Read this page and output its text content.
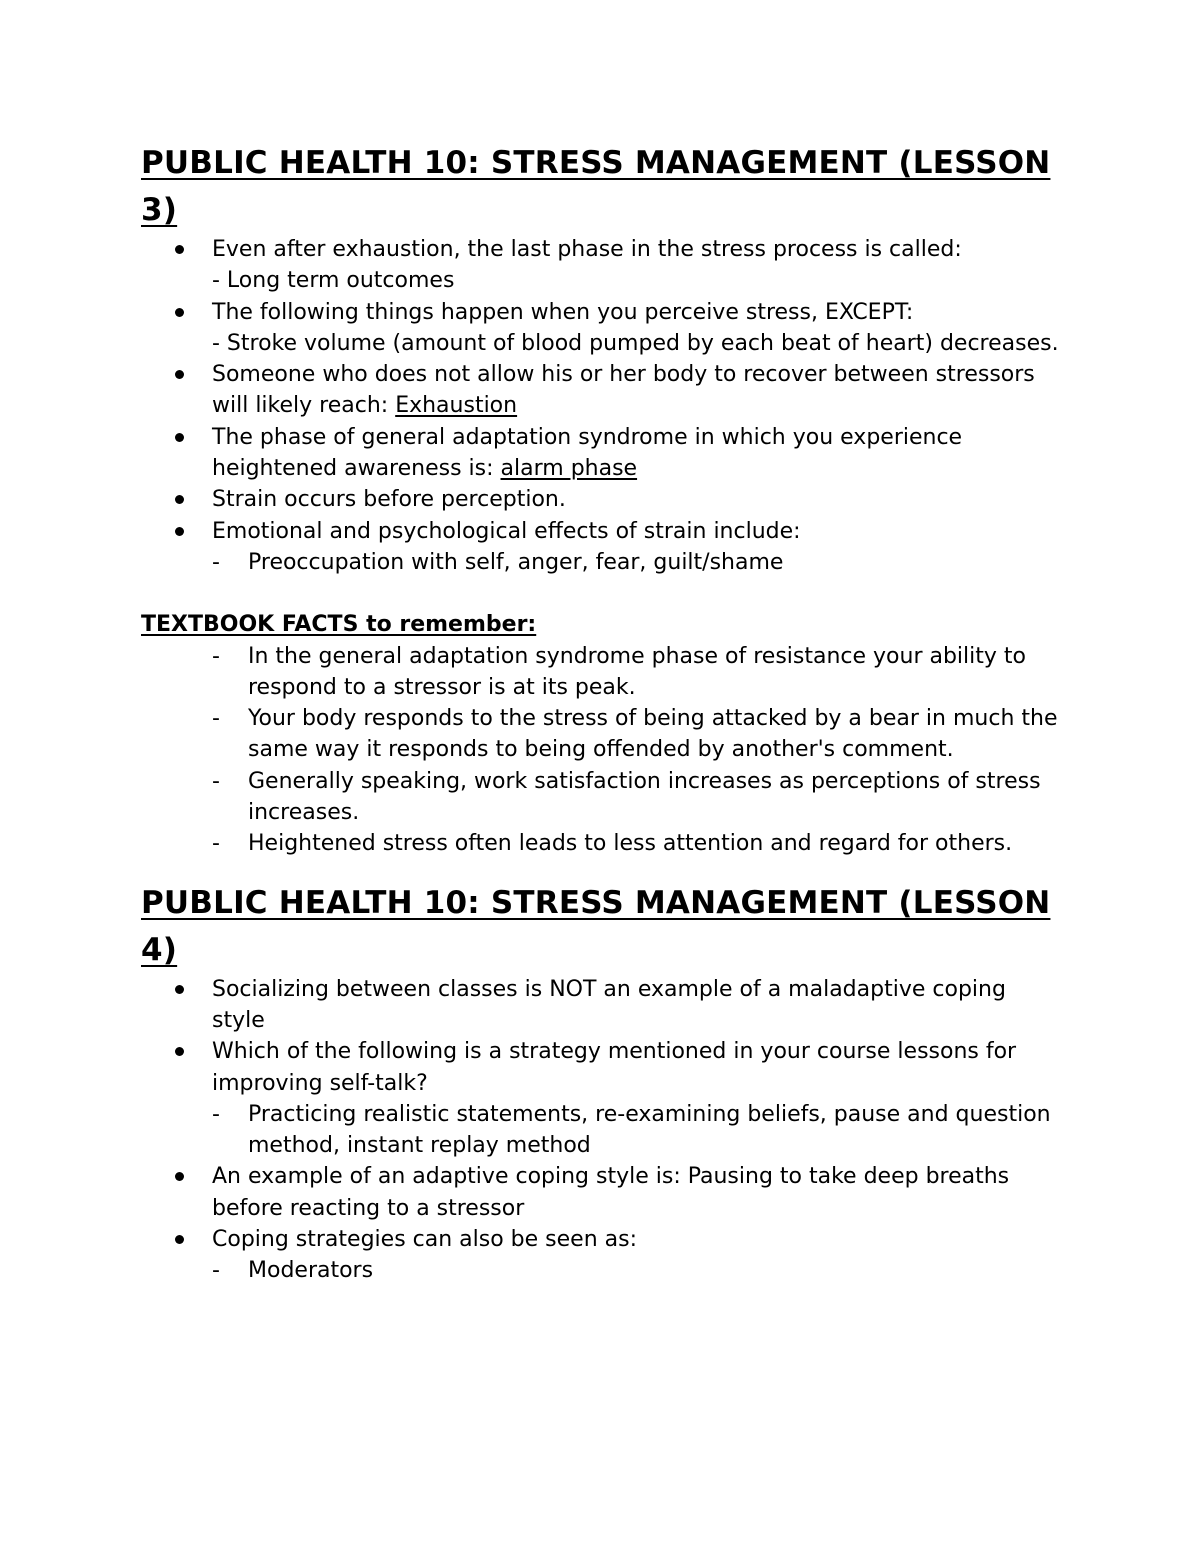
PUBLIC HEALTH 10: STRESS MANAGEMENT (LESSON 3)
Even after exhaustion, the last phase in the stress process is called:
- Long term outcomes
The following things happen when you perceive stress, EXCEPT:
- Stroke volume (amount of blood pumped by each beat of heart) decreases.
Someone who does not allow his or her body to recover between stressors will likely reach: Exhaustion
The phase of general adaptation syndrome in which you experience heightened awareness is: alarm phase
Strain occurs before perception.
Emotional and psychological effects of strain include:
- Preoccupation with self, anger, fear, guilt/shame
TEXTBOOK FACTS to remember:
- In the general adaptation syndrome phase of resistance your ability to respond to a stressor is at its peak.
- Your body responds to the stress of being attacked by a bear in much the same way it responds to being offended by another's comment.
- Generally speaking, work satisfaction increases as perceptions of stress increases.
- Heightened stress often leads to less attention and regard for others.
PUBLIC HEALTH 10: STRESS MANAGEMENT (LESSON 4)
Socializing between classes is NOT an example of a maladaptive coping style
Which of the following is a strategy mentioned in your course lessons for improving self-talk?
- Practicing realistic statements, re-examining beliefs, pause and question method, instant replay method
An example of an adaptive coping style is: Pausing to take deep breaths before reacting to a stressor
Coping strategies can also be seen as:
- Moderators
